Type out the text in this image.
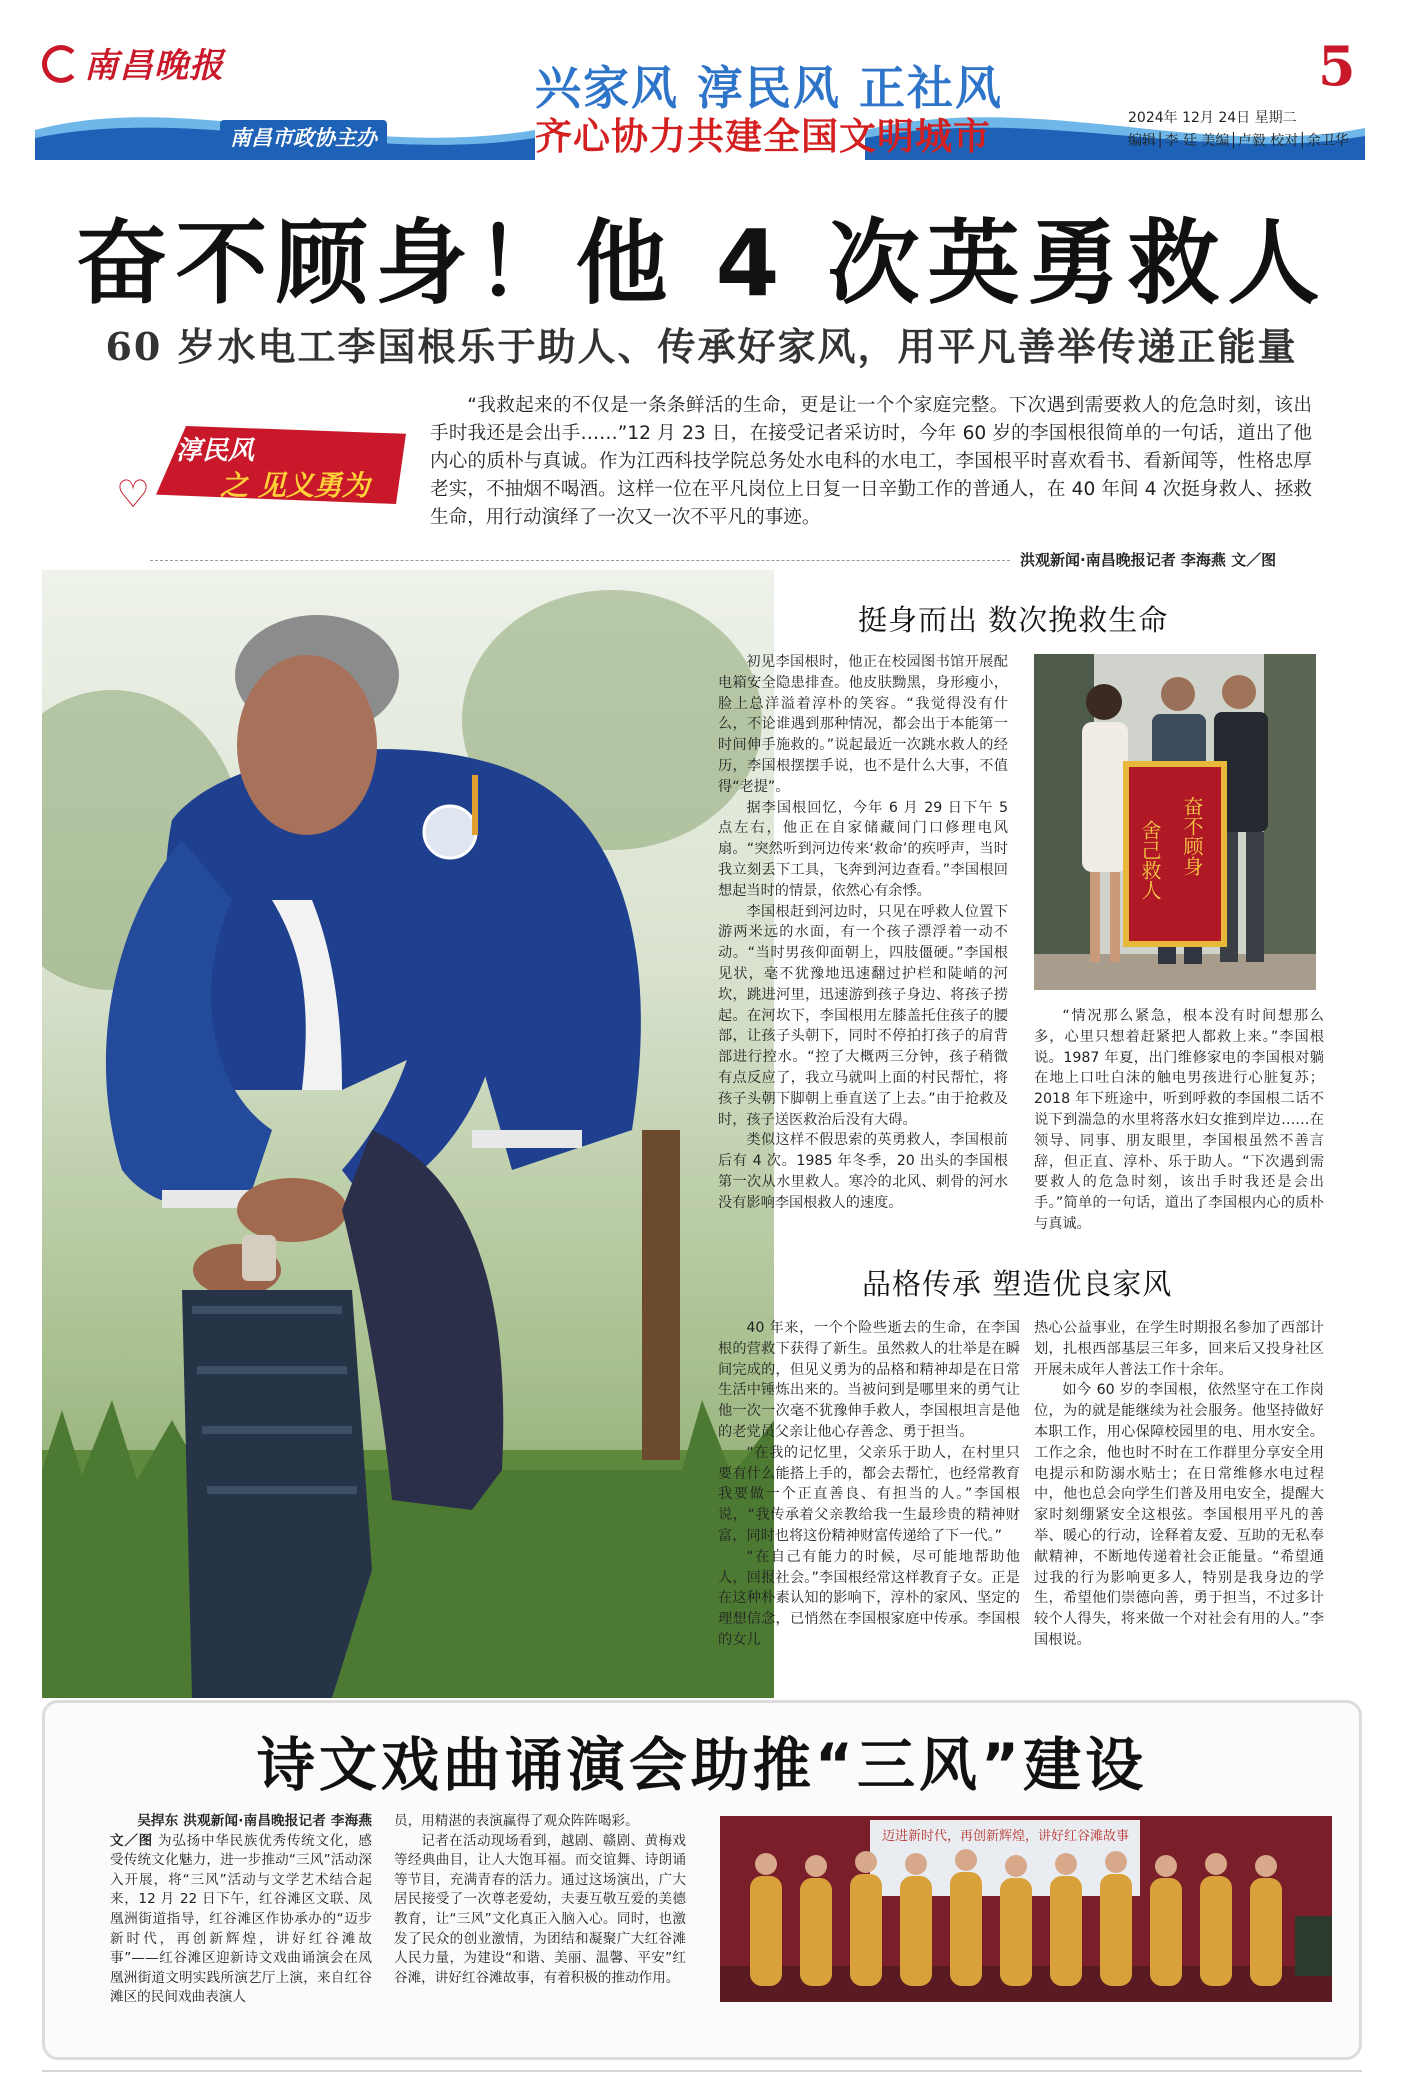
南昌晚报
南昌市政协主办
兴家风 淳民风 正社风
齐心协力共建全国文明城市
5
2024年 12月 24日 星期二
编辑│李 廷 美编│卢毅 校对│余卫华
奋不顾身！他 4 次英勇救人
60 岁水电工李国根乐于助人、传承好家风，用平凡善举传递正能量
淳民风
之 见义勇为
♡

“我救起来的不仅是一条条鲜活的生命，更是让一个个家庭完整。下次遇到需要救人的危急时刻，该出手时我还是会出手……”12 月 23 日，在接受记者采访时，今年 60 岁的李国根很简单的一句话，道出了他内心的质朴与真诚。作为江西科技学院总务处水电科的水电工，李国根平时喜欢看书、看新闻等，性格忠厚老实，不抽烟不喝酒。这样一位在平凡岗位上日复一日辛勤工作的普通人，在 40 年间 4 次挺身救人、拯救生命，用行动演绎了一次又一次不平凡的事迹。

洪观新闻·南昌晚报记者 李海燕 文／图
挺身而出 数次挽救生命

初见李国根时，他正在校园图书馆开展配电箱安全隐患排查。他皮肤黝黑，身形瘦小，脸上总洋溢着淳朴的笑容。“我觉得没有什么，不论谁遇到那种情况，都会出于本能第一时间伸手施救的。”说起最近一次跳水救人的经历，李国根摆摆手说，也不是什么大事，不值得“老提”。

据李国根回忆，今年 6 月 29 日下午 5 点左右，他正在自家储藏间门口修理电风扇。“突然听到河边传来‘救命’的疾呼声，当时我立刻丢下工具，飞奔到河边查看。”李国根回想起当时的情景，依然心有余悸。

李国根赶到河边时，只见在呼救人位置下游两米远的水面，有一个孩子漂浮着一动不动。“当时男孩仰面朝上，四肢僵硬。”李国根见状，毫不犹豫地迅速翻过护栏和陡峭的河坎，跳进河里，迅速游到孩子身边、将孩子捞起。在河坎下，李国根用左膝盖托住孩子的腰部，让孩子头朝下，同时不停拍打孩子的肩背部进行控水。“控了大概两三分钟，孩子稍微有点反应了，我立马就叫上面的村民帮忙，将孩子头朝下脚朝上垂直送了上去。”由于抢救及时，孩子送医救治后没有大碍。

类似这样不假思索的英勇救人，李国根前后有 4 次。1985 年冬季，20 出头的李国根第一次从水里救人。寒冷的北风、刺骨的河水没有影响李国根救人的速度。

奋不顾身
舍己救人

“情况那么紧急，根本没有时间想那么多，心里只想着赶紧把人都救上来。”李国根说。1987 年夏，出门维修家电的李国根对躺在地上口吐白沫的触电男孩进行心脏复苏；2018 年下班途中，听到呼救的李国根二话不说下到湍急的水里将落水妇女推到岸边……在领导、同事、朋友眼里，李国根虽然不善言辞，但正直、淳朴、乐于助人。“下次遇到需要救人的危急时刻，该出手时我还是会出手。”简单的一句话，道出了李国根内心的质朴与真诚。

品格传承 塑造优良家风

40 年来，一个个险些逝去的生命，在李国根的营救下获得了新生。虽然救人的壮举是在瞬间完成的，但见义勇为的品格和精神却是在日常生活中锤炼出来的。当被问到是哪里来的勇气让他一次一次毫不犹豫伸手救人，李国根坦言是他的老党员父亲让他心存善念、勇于担当。

“在我的记忆里，父亲乐于助人，在村里只要有什么能搭上手的，都会去帮忙，也经常教育我要做一个正直善良、有担当的人。”李国根说，“我传承着父亲教给我一生最珍贵的精神财富，同时也将这份精神财富传递给了下一代。”

“在自己有能力的时候，尽可能地帮助他人，回报社会。”李国根经常这样教育子女。正是在这种朴素认知的影响下，淳朴的家风、坚定的理想信念，已悄然在李国根家庭中传承。李国根的女儿

热心公益事业，在学生时期报名参加了西部计划，扎根西部基层三年多，回来后又投身社区开展未成年人普法工作十余年。

如今 60 岁的李国根，依然坚守在工作岗位，为的就是能继续为社会服务。他坚持做好本职工作，用心保障校园里的电、用水安全。工作之余，他也时不时在工作群里分享安全用电提示和防溺水贴士；在日常维修水电过程中，他也总会向学生们普及用电安全，提醒大家时刻绷紧安全这根弦。李国根用平凡的善举、暖心的行动，诠释着友爱、互助的无私奉献精神，不断地传递着社会正能量。“希望通过我的行为影响更多人，特别是我身边的学生，希望他们崇德向善，勇于担当，不过多计较个人得失，将来做一个对社会有用的人。”李国根说。

诗文戏曲诵演会助推“三风”建设

吴捍东 洪观新闻·南昌晚报记者 李海燕 文／图 为弘扬中华民族优秀传统文化，感受传统文化魅力，进一步推动“三风”活动深入开展，将“三风”活动与文学艺术结合起来，12 月 22 日下午，红谷滩区文联、凤凰洲街道指导，红谷滩区作协承办的“迈步新时代，再创新辉煌，讲好红谷滩故事”——红谷滩区迎新诗文戏曲诵演会在凤凰洲街道文明实践所演艺厅上演，来自红谷滩区的民间戏曲表演人

员，用精湛的表演赢得了观众阵阵喝彩。

记者在活动现场看到，越剧、赣剧、黄梅戏等经典曲目，让人大饱耳福。而交谊舞、诗朗诵等节目，充满青春的活力。通过这场演出，广大居民接受了一次尊老爱幼，夫妻互敬互爱的美德教育，让“三风”文化真正入脑入心。同时，也激发了民众的创业激情，为团结和凝聚广大红谷滩人民力量，为建设“和谐、美丽、温馨、平安”红谷滩，讲好红谷滩故事，有着积极的推动作用。

迈进新时代，再创新辉煌，讲好红谷滩故事
